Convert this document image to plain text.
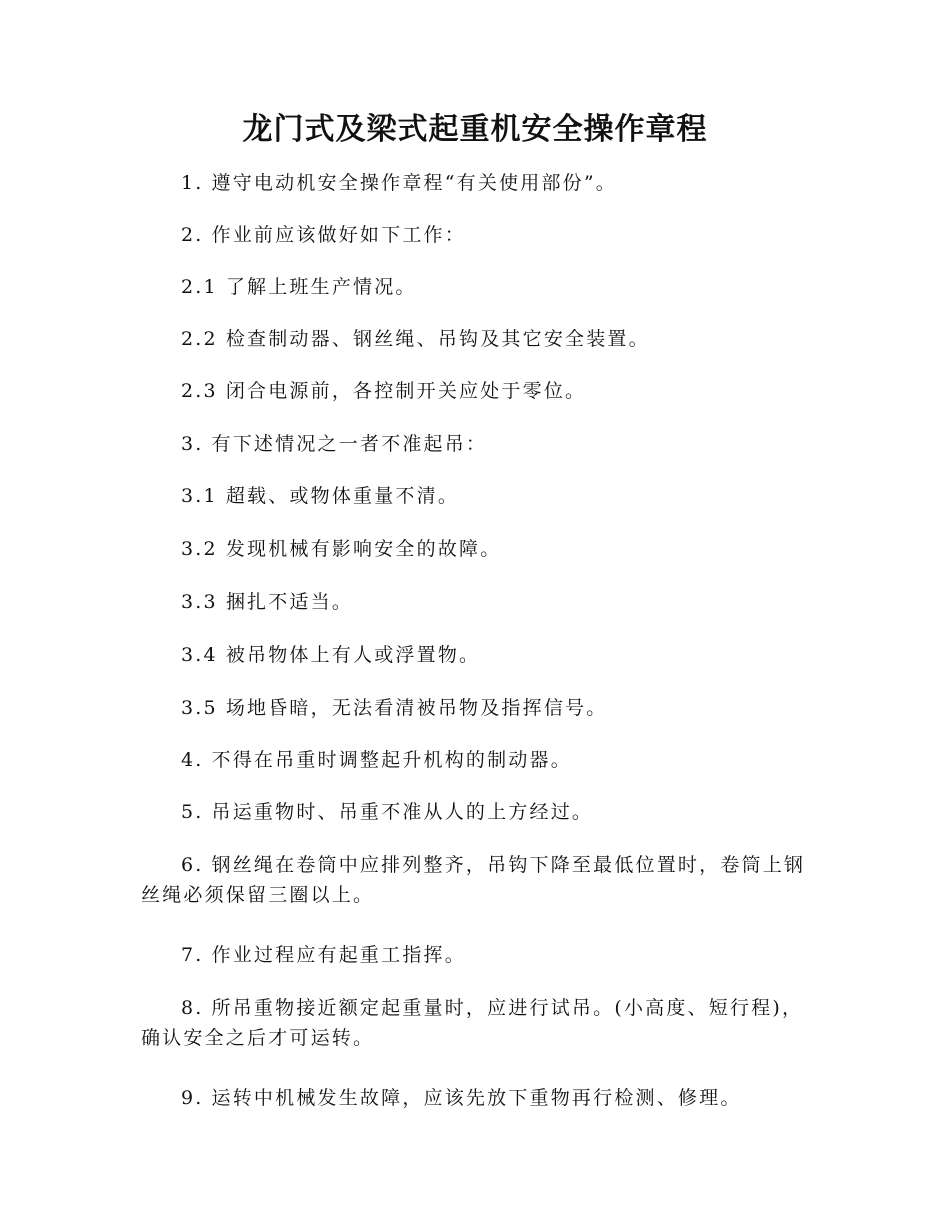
龙门式及梁式起重机安全操作章程

1. 遵守电动机安全操作章程“有关使用部份”。

2. 作业前应该做好如下工作：

2.1 了解上班生产情况。

2.2 检查制动器、钢丝绳、吊钩及其它安全装置。

2.3 闭合电源前，各控制开关应处于零位。

3. 有下述情况之一者不准起吊：

3.1 超载、或物体重量不清。

3.2 发现机械有影响安全的故障。

3.3 捆扎不适当。

3.4 被吊物体上有人或浮置物。

3.5 场地昏暗，无法看清被吊物及指挥信号。

4. 不得在吊重时调整起升机构的制动器。

5. 吊运重物时、吊重不准从人的上方经过。

6. 钢丝绳在卷筒中应排列整齐，吊钩下降至最低位置时，卷筒上钢丝绳必须保留三圈以上。

7. 作业过程应有起重工指挥。

8. 所吊重物接近额定起重量时，应进行试吊。(小高度、短行程)，确认安全之后才可运转。

9. 运转中机械发生故障，应该先放下重物再行检测、修理。
